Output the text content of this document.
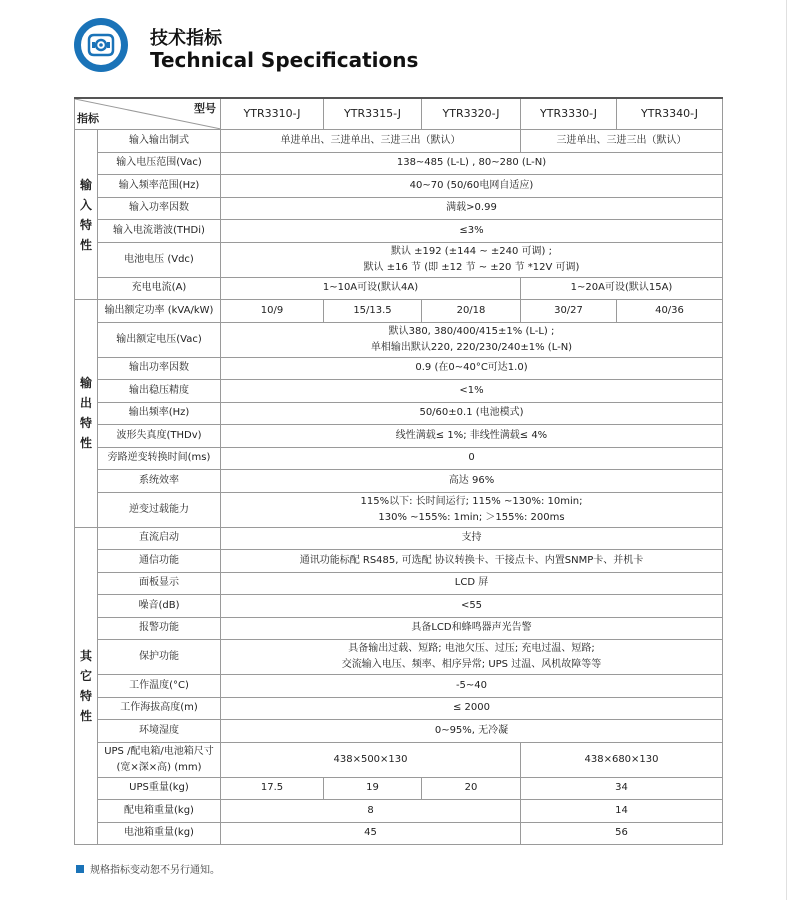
技术指标
Technical Specifications
型号
指标		YTR3310-J	YTR3315-J	YTR3320-J	YTR3330-J	YTR3340-J

输入特性	输入输出制式	单进单出、三进单出、三进三出（默认）			三进单出、三进三出（默认）	
	输入电压范围(Vac)	138~485 (L-L) , 80~280 (L-N)				
	输入频率范围(Hz)	40~70 (50/60电网自适应)				
	输入功率因数	满载>0.99				
	输入电流谐波(THDi)	≤3%				
	电池电压 (Vdc)	默认 ±192 (±144 ~ ±240 可调) ;
默认 ±16 节 (即 ±12 节 ~ ±20 节 *12V 可调)				

	充电电流(A)	1~10A可设(默认4A)			1~20A可设(默认15A)	

输出特性	输出额定功率 (kVA/kW)	10/9	15/13.5	20/18	30/27	40/36
	输出额定电压(Vac)	默认380, 380/400/415±1% (L-L) ;
单相输出默认220, 220/230/240±1% (L-N)				

	输出功率因数	0.9 (在0~40°C可达1.0)				
	输出稳压精度	<1%				
	输出频率(Hz)	50/60±0.1 (电池模式)				
	波形失真度(THDv)	线性满载≤ 1%; 非线性满载≤ 4%				
	旁路逆变转换时间(ms)	0				
	系统效率	高达 96%				
	逆变过载能力	115%以下: 长时间运行; 115% ~130%: 10min;
130% ~155%: 1min; ＞155%: 200ms				

其它特性	直流启动	支持				
	通信功能	通讯功能标配 RS485, 可选配 协议转换卡、干接点卡、内置SNMP卡、并机卡				
	面板显示	LCD 屏				
	噪音(dB)	<55				
	报警功能	具备LCD和蜂鸣器声光告警				
	保护功能	具备输出过载、短路; 电池欠压、过压; 充电过温、短路;
交流输入电压、频率、相序异常; UPS 过温、风机故障等等				

	工作温度(°C)	-5~40				
	工作海拔高度(m)	≤ 2000				
	环境湿度	0~95%, 无冷凝				

	UPS /配电箱/电池箱尺寸
(宽×深×高) (mm)	438×500×130			438×680×130	
	UPS重量(kg)	17.5	19	20	34	
	配电箱重量(kg)	8			14	
	电池箱重量(kg)	45			56	
规格指标变动恕不另行通知。
